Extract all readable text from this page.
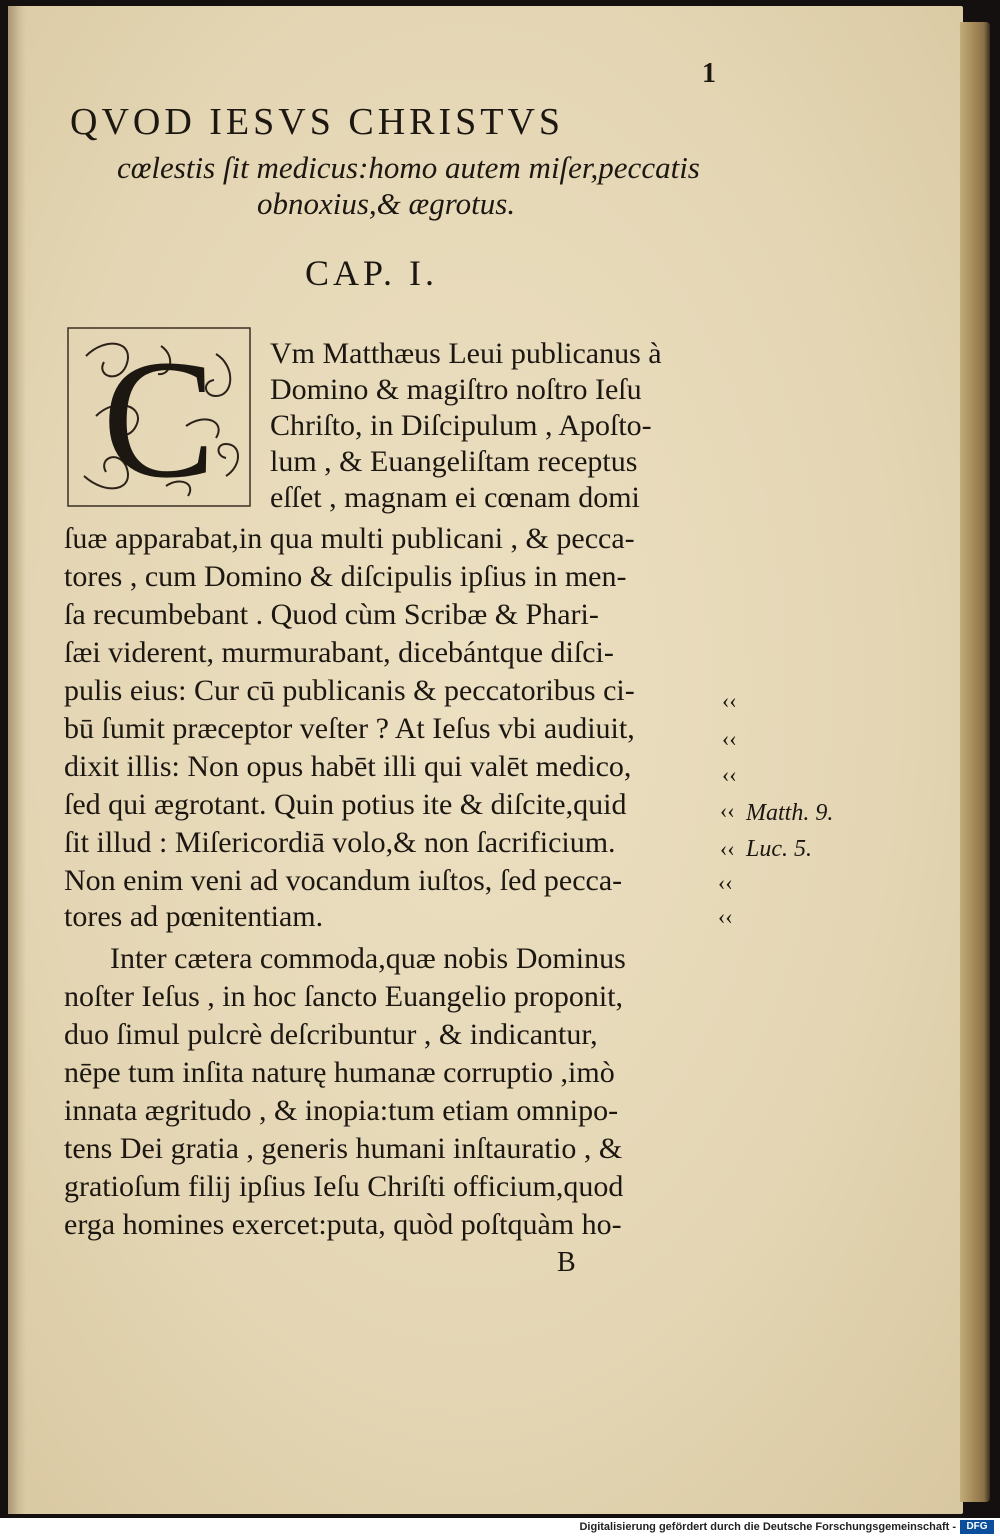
1
QVOD IESVS CHRISTVS
cœlestis ſit medicus:homo autem miſer,peccatis
obnoxius,& ægrotus.
CAP. I.
C Vm Matthæus Leui publicanus à
Domino & magiſtro noſtro Ieſu
Chriſto, in Diſcipulum , Apoſto-
lum , & Euangeliſtam receptus
eſſet , magnam ei cœnam domi
ſuæ apparabat,in qua multi publicani , & pecca-
tores , cum Domino & diſcipulis ipſius in men-
ſa recumbebant . Quod cùm Scribæ & Phari-
ſæi viderent, murmurabant, dicebántque diſci-
pulis eius: Cur cū publicanis & peccatoribus ci-
bū ſumit præceptor veſter ? At Ieſus vbi audiuit,
dixit illis: Non opus habēt illi qui valēt medico,
ſed qui ægrotant. Quin potius ite & diſcite,quid
ſit illud : Miſericordiā volo,& non ſacrificium.
Non enim veni ad vocandum iuſtos, ſed pecca-
tores ad pœnitentiam.
Inter cætera commoda,quæ nobis Dominus
noſter Ieſus , in hoc ſancto Euangelio proponit,
duo ſimul pulcrè deſcribuntur , & indicantur,
nēpe tum inſita naturę humanæ corruptio ,imò
innata ægritudo , & inopia:tum etiam omnipo-
tens Dei gratia , generis humani inſtauratio , &
gratioſum filij ipſius Ieſu Chriſti officium,quod
erga homines exercet:puta, quòd poſtquàm ho-
‹‹
‹‹
‹‹
‹‹ Matth. 9.
‹‹ Luc. 5.
‹‹
‹‹
B
Digitalisierung gefördert durch die Deutsche Forschungsgemeinschaft -	DFG
